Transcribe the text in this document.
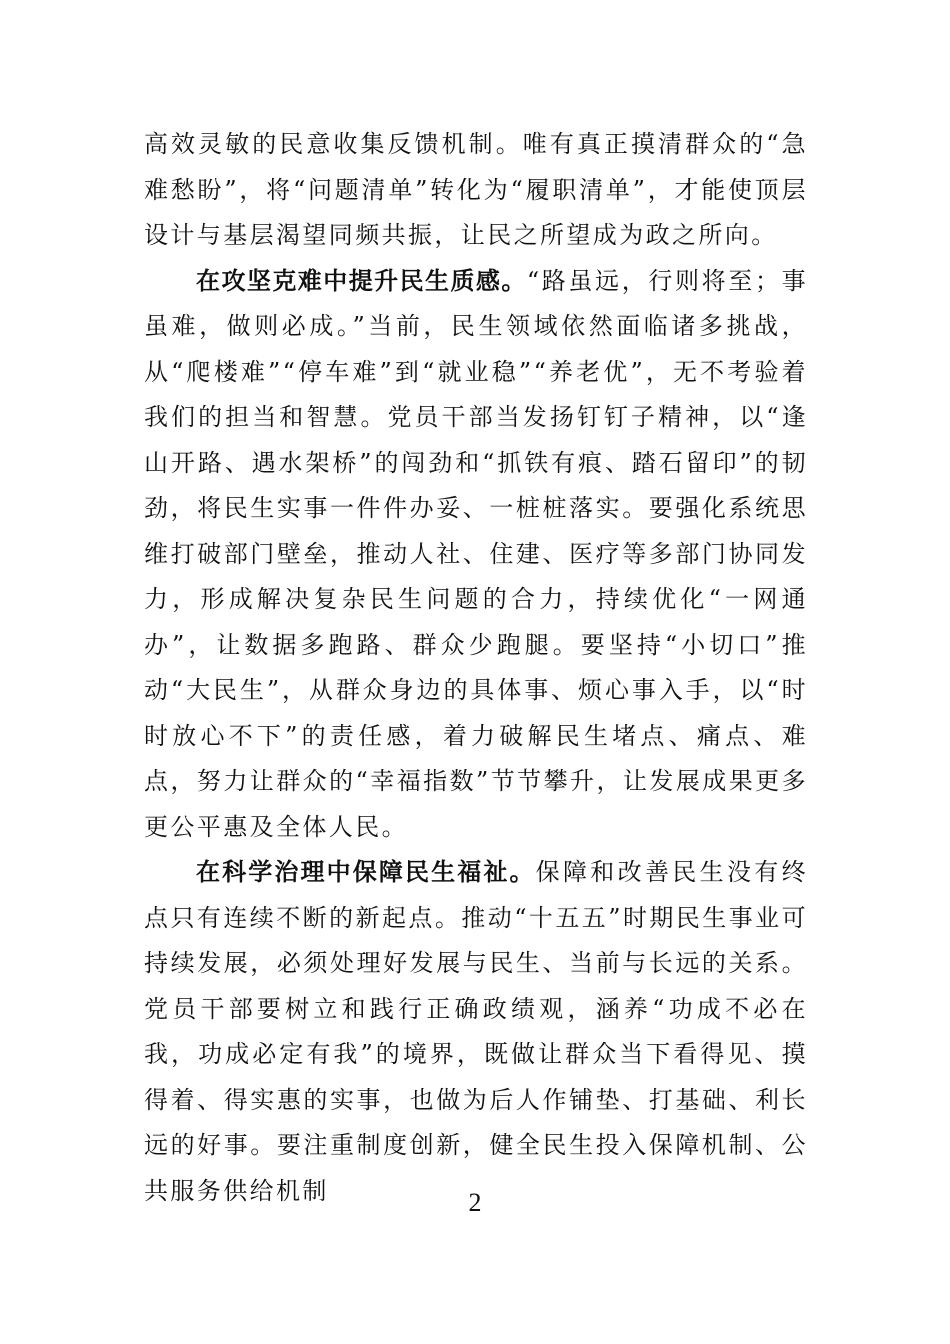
高效灵敏的民意收集反馈机制。唯有真正摸清群众的“急难愁盼”，将“问题清单”转化为“履职清单”，才能使顶层设计与基层渴望同频共振，让民之所望成为政之所向。

在攻坚克难中提升民生质感。“路虽远，行则将至；事虽难，做则必成。”当前，民生领域依然面临诸多挑战，从“爬楼难”“停车难”到“就业稳”“养老优”，无不考验着我们的担当和智慧。党员干部当发扬钉钉子精神，以“逢山开路、遇水架桥”的闯劲和“抓铁有痕、踏石留印”的韧劲，将民生实事一件件办妥、一桩桩落实。要强化系统思维打破部门壁垒，推动人社、住建、医疗等多部门协同发力，形成解决复杂民生问题的合力，持续优化“一网通办”，让数据多跑路、群众少跑腿。要坚持“小切口”推动“大民生”，从群众身边的具体事、烦心事入手，以“时时放心不下”的责任感，着力破解民生堵点、痛点、难点，努力让群众的“幸福指数”节节攀升，让发展成果更多更公平惠及全体人民。

在科学治理中保障民生福祉。保障和改善民生没有终点只有连续不断的新起点。推动“十五五”时期民生事业可持续发展，必须处理好发展与民生、当前与长远的关系。党员干部要树立和践行正确政绩观，涵养“功成不必在我，功成必定有我”的境界，既做让群众当下看得见、摸得着、得实惠的实事，也做为后人作铺垫、打基础、利长远的好事。要注重制度创新，健全民生投入保障机制、公共服务供给机制	2
